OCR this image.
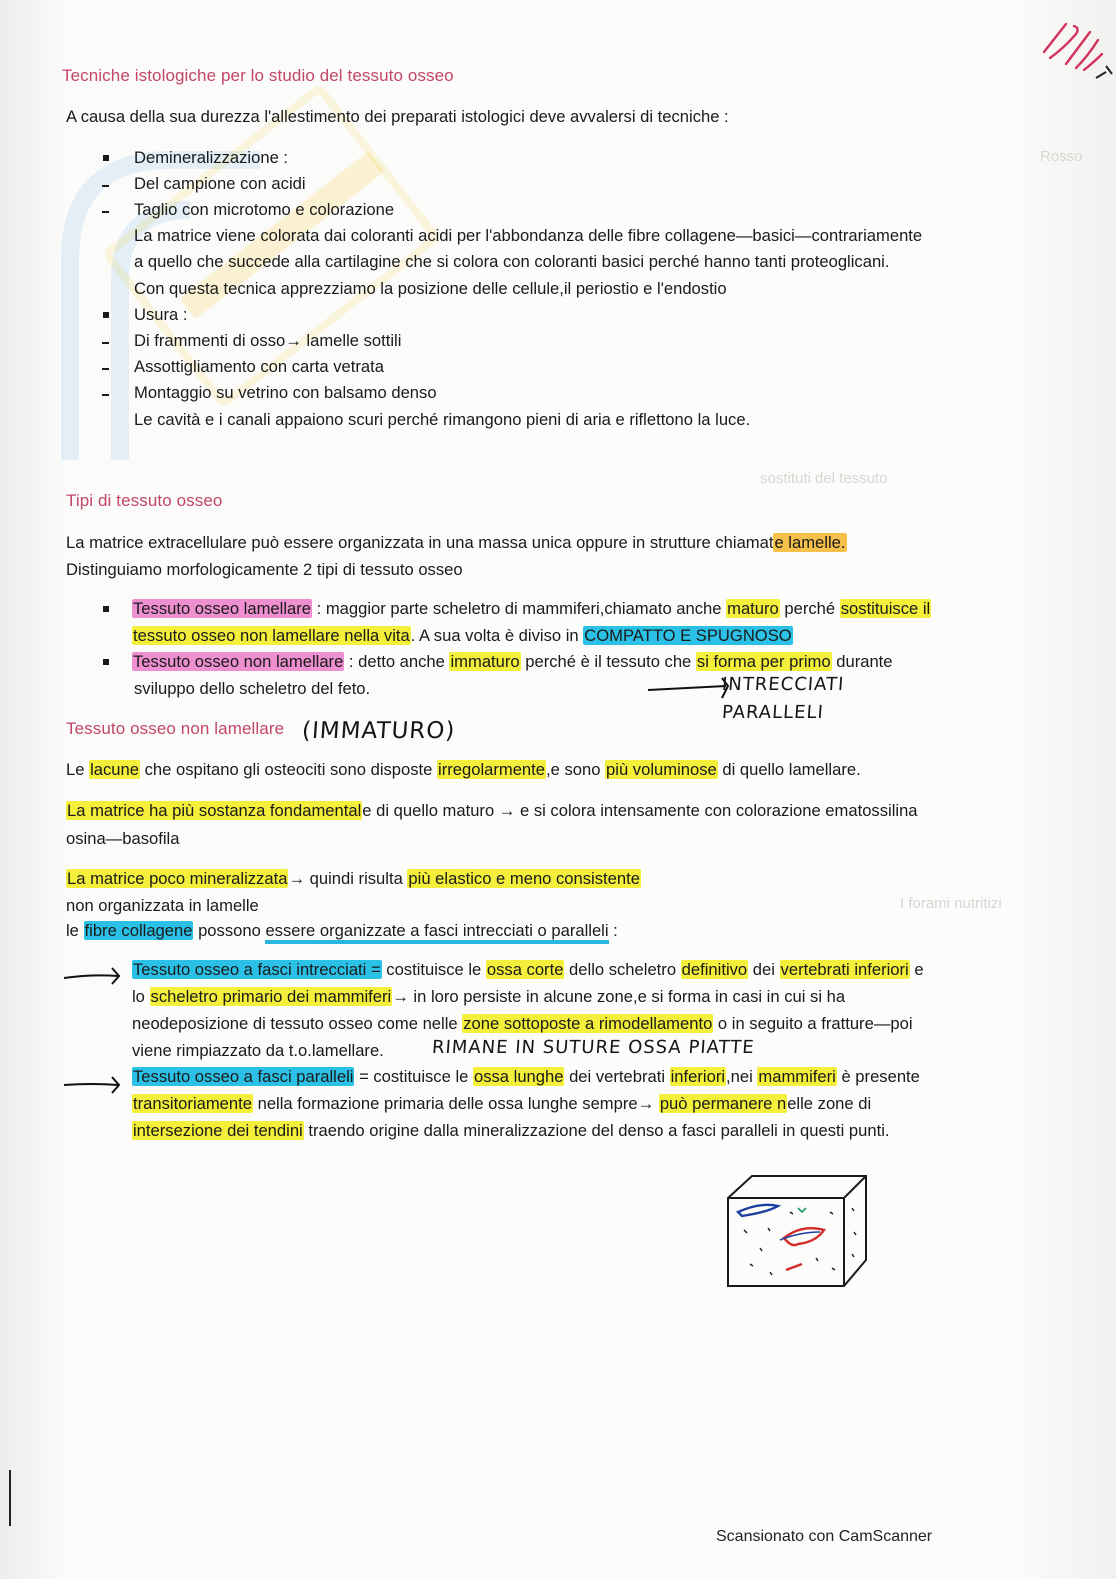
Rosso
sostituti del tessuto
I forami nutritizi
Tecniche istologiche per lo studio del tessuto osseo
A causa della sua durezza l'allestimento dei preparati istologici deve avvalersi di tecniche :
Demineralizzazione :
Del campione con acidi
Taglio con microtomo e colorazione
La matrice viene colorata dai coloranti acidi per l'abbondanza delle fibre collagene—basici—contrariamente
a quello che succede alla cartilagine che si colora con coloranti basici perché hanno tanti proteoglicani.
Con questa tecnica apprezziamo la posizione delle cellule,il periostio e l'endostio
Usura :
Di frammenti di osso→ lamelle sottili
Assottigliamento con carta vetrata
Montaggio su vetrino con balsamo denso
Le cavità e i canali appaiono scuri perché rimangono pieni di aria e riflettono la luce.
Tipi di tessuto osseo
La matrice extracellulare può essere organizzata in una massa unica oppure in strutture chiamate lamelle.
Distinguiamo morfologicamente 2 tipi di tessuto osseo
Tessuto osseo lamellare : maggior parte scheletro di mammiferi,chiamato anche maturo perché sostituisce il
tessuto osseo non lamellare nella vita. A sua volta è diviso in COMPATTO E SPUGNOSO
Tessuto osseo non lamellare : detto anche immaturo perché è il tessuto che si forma per primo durante
sviluppo dello scheletro del feto.	INTRECCIATI
PARALLELI
Tessuto osseo non lamellare (IMMATURO)
Le lacune che ospitano gli osteociti sono disposte irregolarmente,e sono più voluminose di quello lamellare.
La matrice ha più sostanza fondamentale di quello maturo → e si colora intensamente con colorazione ematossilina
osina—basofila
La matrice poco mineralizzata→ quindi risulta più elastico e meno consistente
non organizzata in lamelle
le fibre collagene possono essere organizzate a fasci intrecciati o paralleli :
Tessuto osseo a fasci intrecciati = costituisce le ossa corte dello scheletro definitivo dei vertebrati inferiori e
lo scheletro primario dei mammiferi→ in loro persiste in alcune zone,e si forma in casi in cui si ha
neodeposizione di tessuto osseo come nelle zone sottoposte a rimodellamento o in seguito a fratture—poi
viene rimpiazzato da t.o.lamellare.	RIMANE IN SUTURE OSSA PIATTE
Tessuto osseo a fasci paralleli = costituisce le ossa lunghe dei vertebrati inferiori,nei mammiferi è presente
transitoriamente nella formazione primaria delle ossa lunghe sempre→ può permanere nelle zone di
intersezione dei tendini traendo origine dalla mineralizzazione del denso a fasci paralleli in questi punti.
Scansionato con CamScanner
